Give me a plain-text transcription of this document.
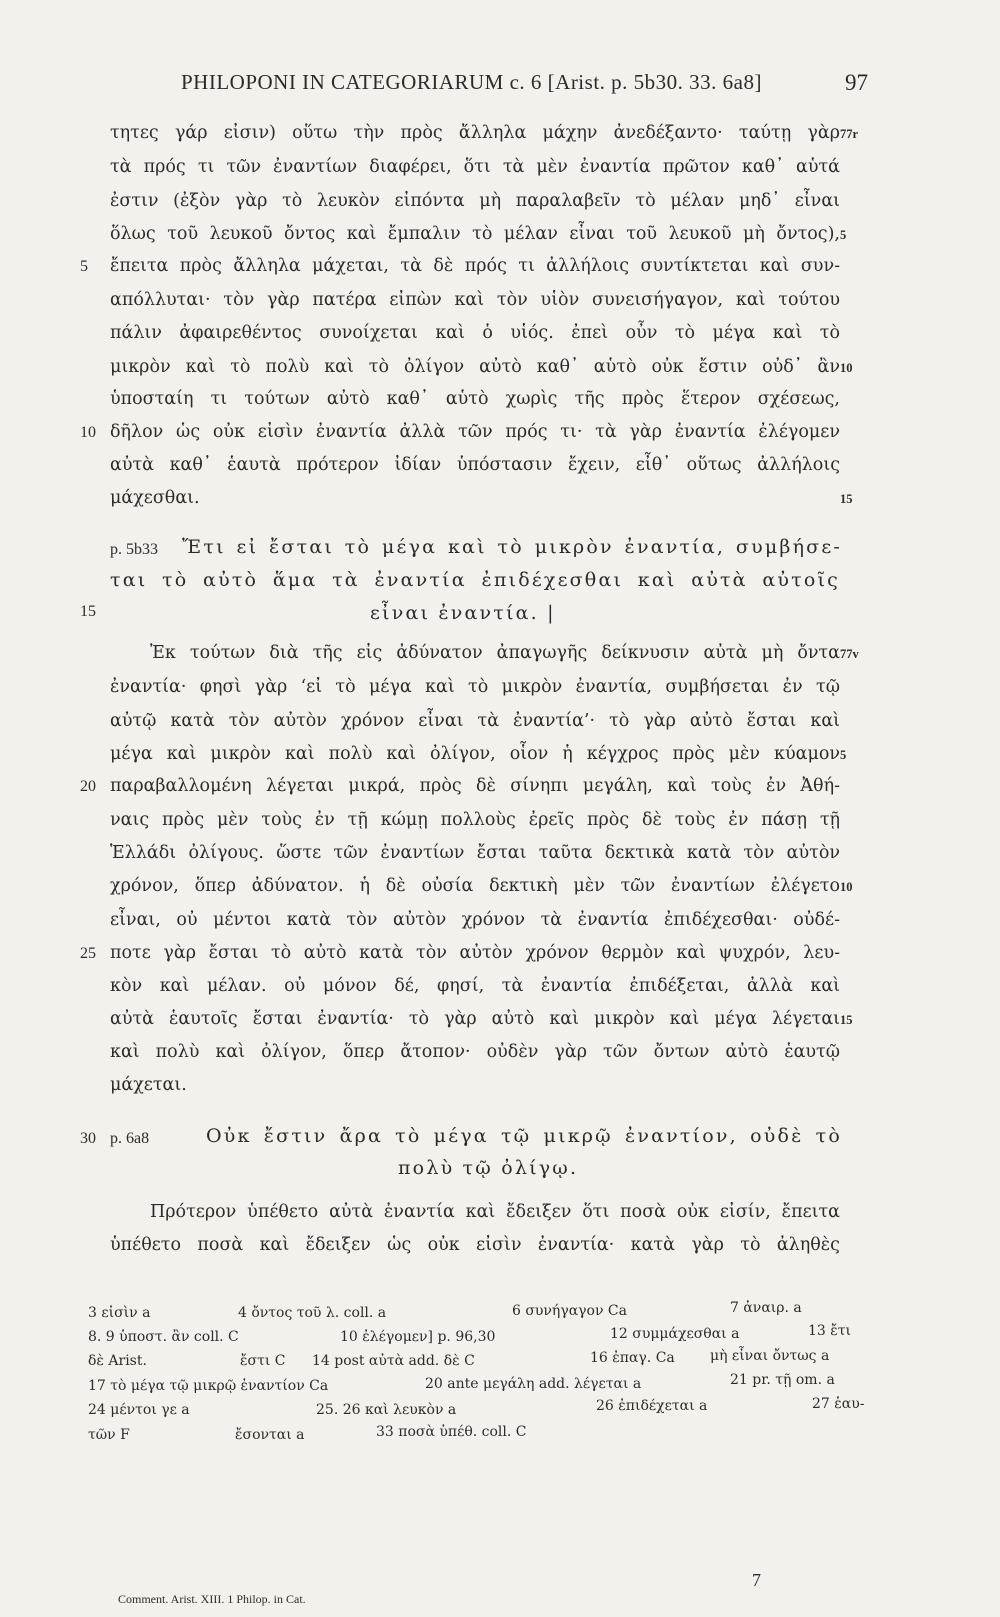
PHILOPONI IN CATEGORIARUM c. 6 [Arist. p. 5b30. 33. 6a8]	97
τητες γάρ εἰσιν) οὕτω τὴν πρὸς ἄλληλα μάχην ἀνεδέξαντο· ταύτῃ γὰρ
τὰ πρός τι τῶν ἐναντίων διαφέρει, ὅτι τὰ μὲν ἐναντία πρῶτον καθ᾽ αὑτά
ἐστιν (ἐξὸν γὰρ τὸ λευκὸν εἰπόντα μὴ παραλαβεῖν τὸ μέλαν μηδ᾽ εἶναι
ὅλως τοῦ λευκοῦ ὄντος καὶ ἔμπαλιν τὸ μέλαν εἶναι τοῦ λευκοῦ μὴ ὄντος),
ἔπειτα πρὸς ἄλληλα μάχεται, τὰ δὲ πρός τι ἀλλήλοις συντίκτεται καὶ συν-
απόλλυται· τὸν γὰρ πατέρα εἰπὼν καὶ τὸν υἱὸν συνεισήγαγον, καὶ τούτου
πάλιν ἀφαιρεθέντος συνοίχεται καὶ ὁ υἱός. ἐπεὶ οὖν τὸ μέγα καὶ τὸ
μικρὸν καὶ τὸ πολὺ καὶ τὸ ὀλίγον αὐτὸ καθ᾽ αὑτὸ οὐκ ἔστιν οὐδ᾽ ἂν
ὑποσταίη τι τούτων αὐτὸ καθ᾽ αὑτὸ χωρὶς τῆς πρὸς ἕτερον σχέσεως,
δῆλον ὡς οὐκ εἰσὶν ἐναντία ἀλλὰ τῶν πρός τι· τὰ γὰρ ἐναντία ἐλέγομεν
αὐτὰ καθ᾽ ἑαυτὰ πρότερον ἰδίαν ὑπόστασιν ἔχειν, εἶθ᾽ οὕτως ἀλλήλοις
μάχεσθαι.
p. 5b33 Ἔτι εἰ ἔσται τὸ μέγα καὶ τὸ μικρὸν ἐναντία, συμβήσε-
ται τὸ αὐτὸ ἅμα τὰ ἐναντία ἐπιδέχεσθαι καὶ αὐτὰ αὐτοῖς
εἶναι ἐναντία. |
Ἐκ τούτων διὰ τῆς εἰς ἀδύνατον ἀπαγωγῆς δείκνυσιν αὐτὰ μὴ ὄντα
ἐναντία· φησὶ γὰρ ‘εἰ τὸ μέγα καὶ τὸ μικρὸν ἐναντία, συμβήσεται ἐν τῷ
αὐτῷ κατὰ τὸν αὐτὸν χρόνον εἶναι τὰ ἐναντία’· τὸ γὰρ αὐτὸ ἔσται καὶ
μέγα καὶ μικρὸν καὶ πολὺ καὶ ὀλίγον, οἷον ἡ κέγχρος πρὸς μὲν κύαμον
παραβαλλομένη λέγεται μικρά, πρὸς δὲ σίνηπι μεγάλη, καὶ τοὺς ἐν Ἀθή-
ναις πρὸς μὲν τοὺς ἐν τῇ κώμῃ πολλοὺς ἐρεῖς πρὸς δὲ τοὺς ἐν πάσῃ τῇ
Ἑλλάδι ὀλίγους. ὥστε τῶν ἐναντίων ἔσται ταῦτα δεκτικὰ κατὰ τὸν αὐτὸν
χρόνον, ὅπερ ἀδύνατον. ἡ δὲ οὐσία δεκτικὴ μὲν τῶν ἐναντίων ἐλέγετο
εἶναι, οὐ μέντοι κατὰ τὸν αὐτὸν χρόνον τὰ ἐναντία ἐπιδέχεσθαι· οὐδέ-
ποτε γὰρ ἔσται τὸ αὐτὸ κατὰ τὸν αὐτὸν χρόνον θερμὸν καὶ ψυχρόν, λευ-
κὸν καὶ μέλαν. οὐ μόνον δέ, φησί, τὰ ἐναντία ἐπιδέξεται, ἀλλὰ καὶ
αὐτὰ ἑαυτοῖς ἔσται ἐναντία· τὸ γὰρ αὐτὸ καὶ μικρὸν καὶ μέγα λέγεται
καὶ πολὺ καὶ ὀλίγον, ὅπερ ἄτοπον· οὐδὲν γὰρ τῶν ὄντων αὐτὸ ἑαυτῷ
μάχεται.
p. 6a8	Οὐκ ἔστιν ἄρα τὸ μέγα τῷ μικρῷ ἐναντίον, οὐδὲ τὸ
πολὺ τῷ ὀλίγῳ.
Πρότερον ὑπέθετο αὐτὰ ἐναντία καὶ ἔδειξεν ὅτι ποσὰ οὐκ εἰσίν, ἔπειτα
ὑπέθετο ποσὰ καὶ ἔδειξεν ὡς οὐκ εἰσὶν ἐναντία· κατὰ γὰρ τὸ ἀληθὲς
5
10
15
20
25
30
77r
5
10
15
77v
5
10
15
3 εἰσὶν a	4 ὄντος τοῦ λ. coll. a	6 συνήγαγον Ca	7 ἀναιρ. a
8. 9 ὑποστ. ἂν coll. C	10 ἐλέγομεν] p. 96,30	12 συμμάχεσθαι a	13 ἔτι
δὲ Arist.	ἔστι C 14 post αὐτὰ add. δὲ C	16 ἐπαγ. Ca	μὴ εἶναι ὄντως a
17 τὸ μέγα τῷ μικρῷ ἐναντίον Ca	20 ante μεγάλη add. λέγεται a	21 pr. τῇ om. a
24 μέντοι γε a	25. 26 καὶ λευκὸν a	26 ἐπιδέχεται a	27 ἑαυ-
τῶν F	ἔσονται a	33 ποσὰ ὑπέθ. coll. C
Comment. Arist. XIII. 1 Philop. in Cat.
7
